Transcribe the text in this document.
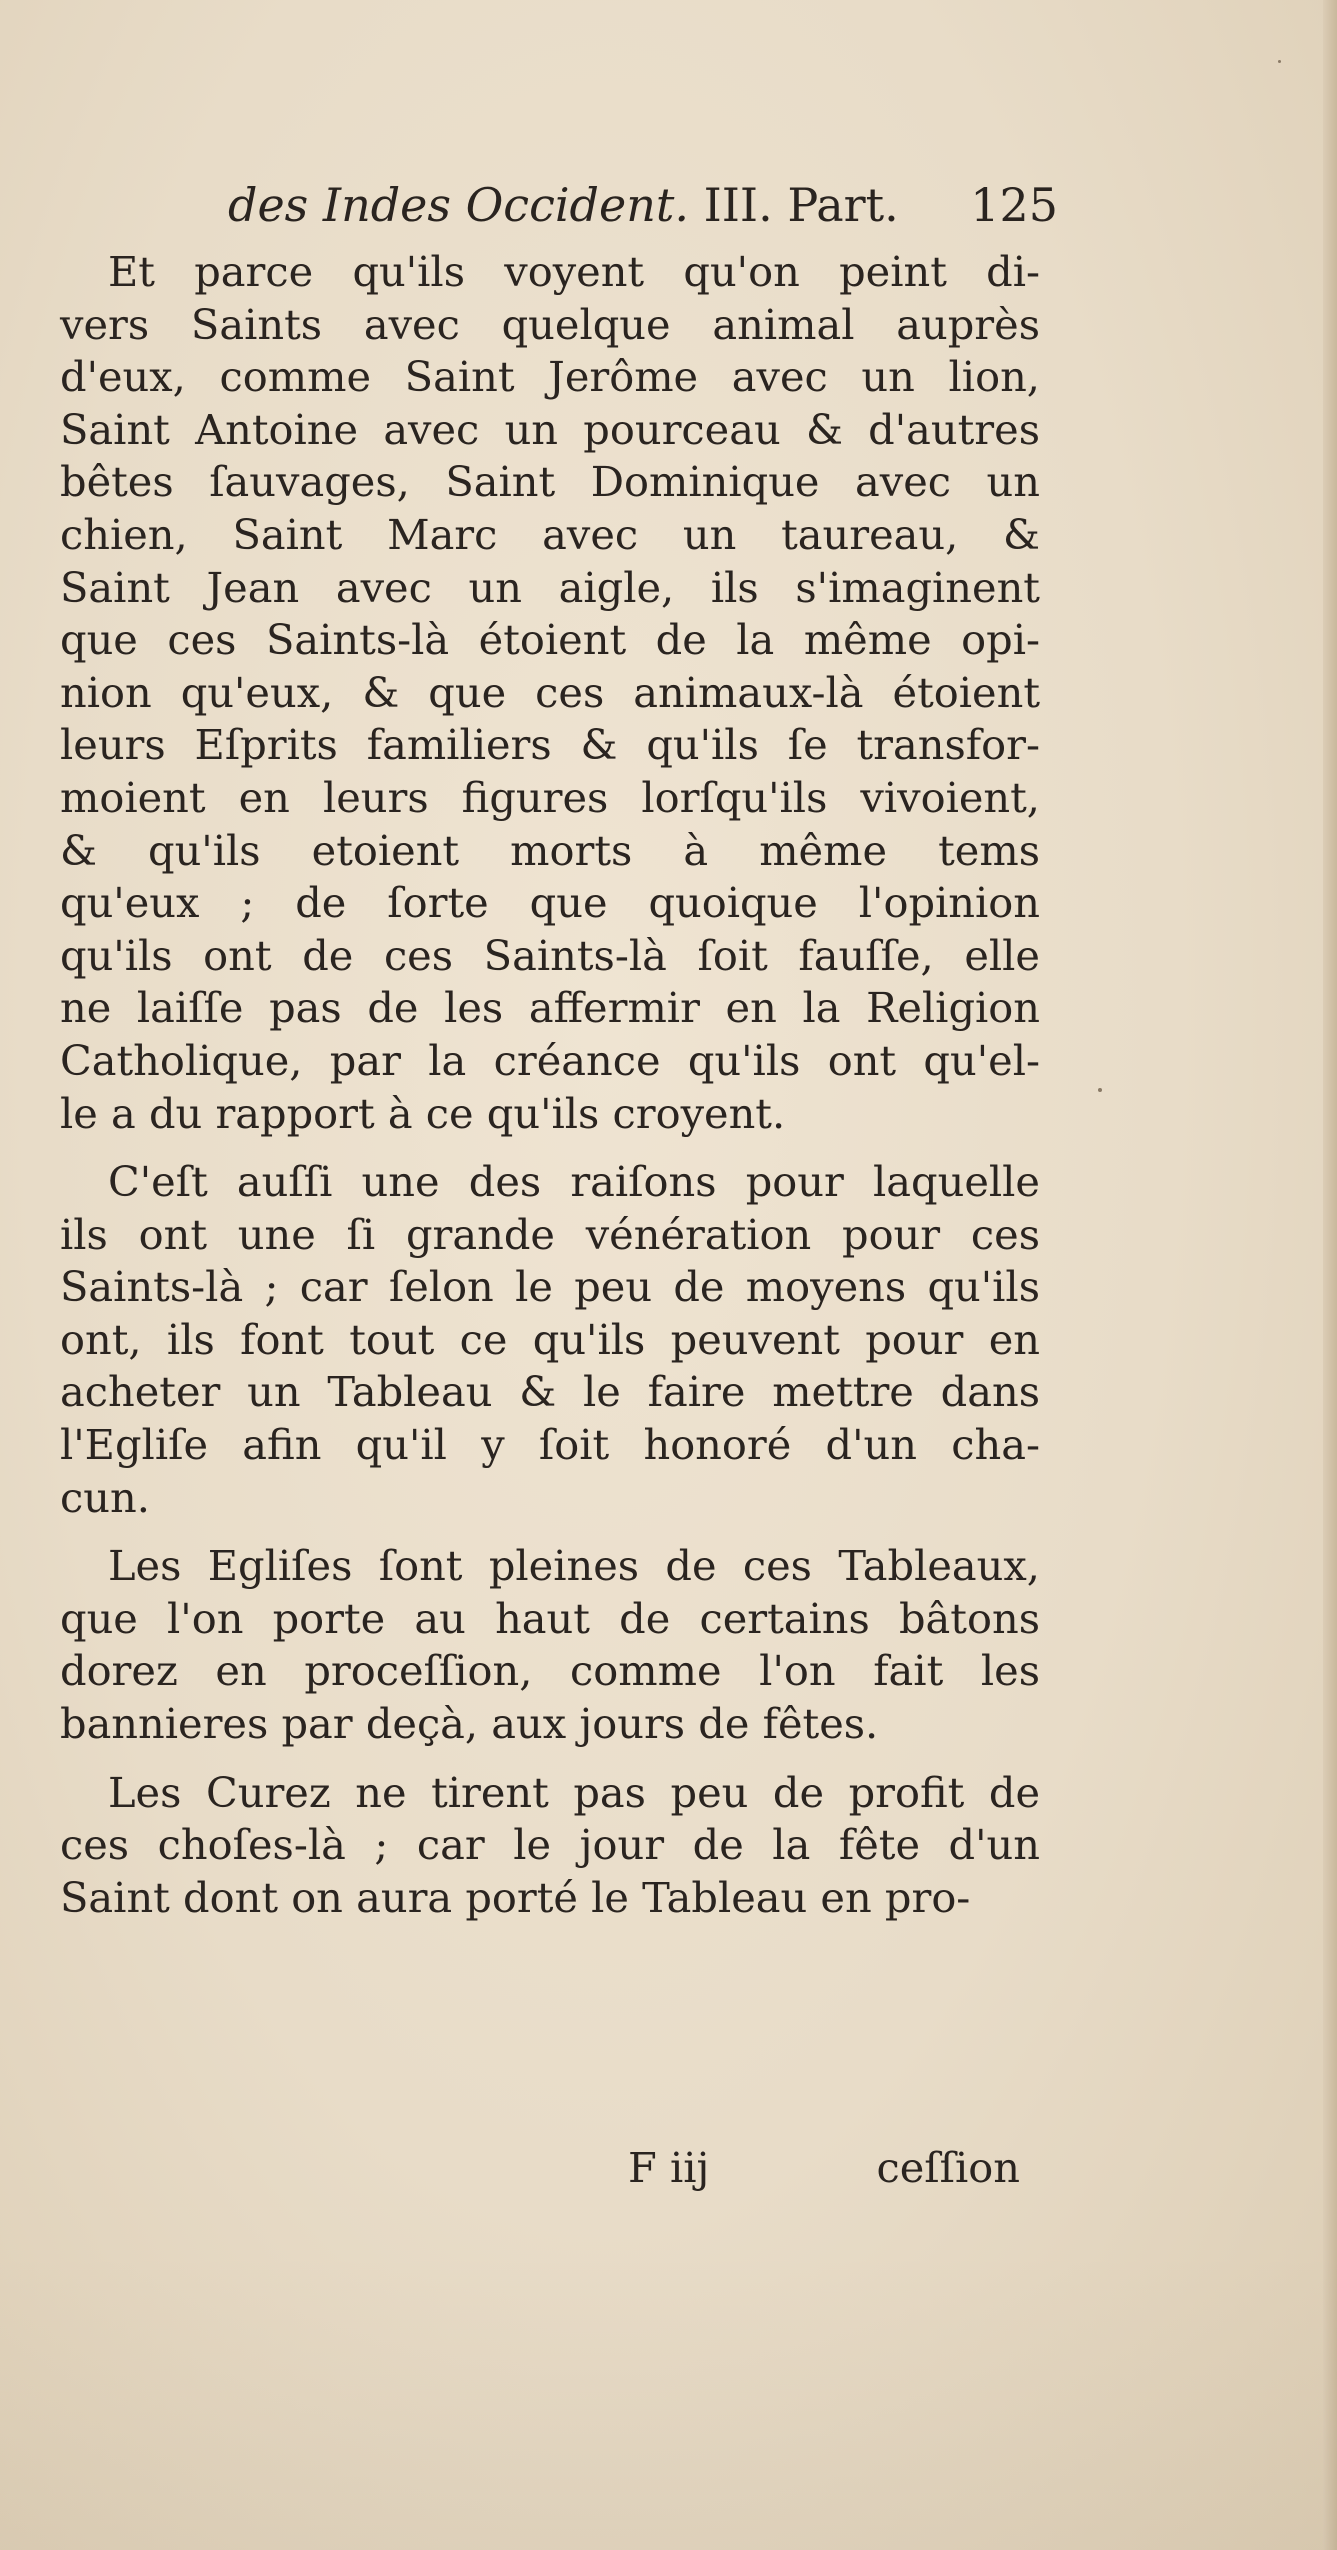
des Indes Occident. III. Part. 125
Et parce qu'ils voyent qu'on peint di-
vers Saints avec quelque animal auprès
d'eux, comme Saint Jerôme avec un lion,
Saint Antoine avec un pourceau & d'autres
bêtes ſauvages, Saint Dominique avec un
chien, Saint Marc avec un taureau, &
Saint Jean avec un aigle, ils s'imaginent
que ces Saints-là étoient de la même opi-
nion qu'eux, & que ces animaux-là étoient
leurs Eſprits familiers & qu'ils ſe transfor-
moient en leurs figures lorſqu'ils vivoient,
& qu'ils etoient morts à même tems
qu'eux ; de ſorte que quoique l'opinion
qu'ils ont de ces Saints-là ſoit fauſſe, elle
ne laiſſe pas de les affermir en la Religion
Catholique, par la créance qu'ils ont qu'el-
le a du rapport à ce qu'ils croyent.
C'eſt auſſi une des raiſons pour laquelle
ils ont une ſi grande vénération pour ces
Saints-là ; car ſelon le peu de moyens qu'ils
ont, ils font tout ce qu'ils peuvent pour en
acheter un Tableau & le faire mettre dans
l'Egliſe afin qu'il y ſoit honoré d'un cha-
cun.
Les Egliſes ſont pleines de ces Tableaux,
que l'on porte au haut de certains bâtons
dorez en proceſſion, comme l'on fait les
bannieres par deçà, aux jours de fêtes.
Les Curez ne tirent pas peu de profit de
ces choſes-là ; car le jour de la fête d'un
Saint dont on aura porté le Tableau en pro-
F iij	ceſſion
